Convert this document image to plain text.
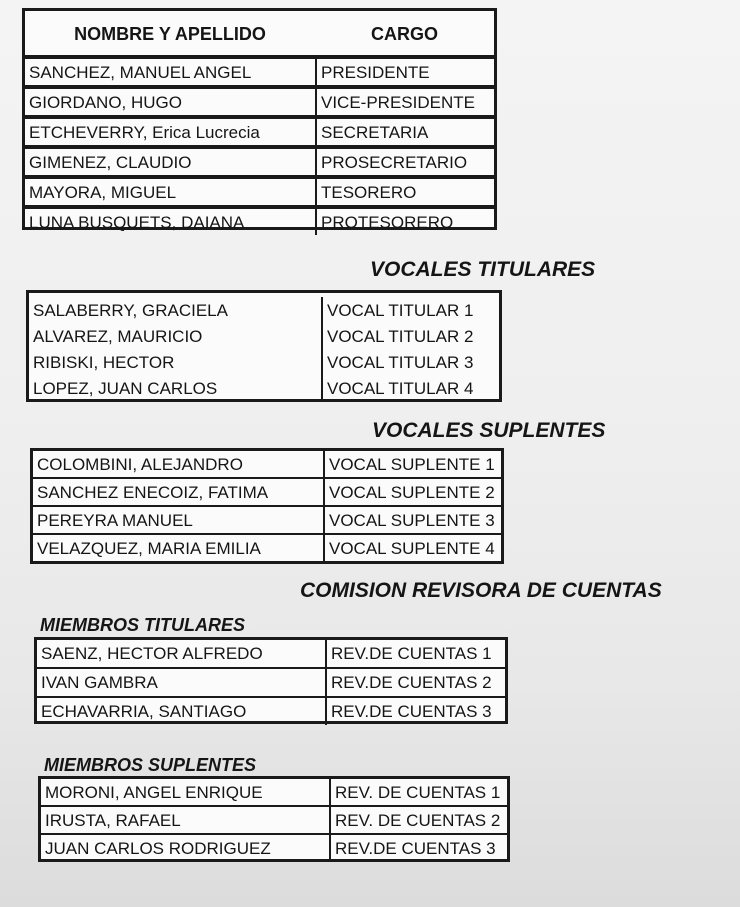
NOMBRE Y APELLIDO	CARGO
SANCHEZ, MANUEL ANGEL	PRESIDENTE
GIORDANO, HUGO	VICE-PRESIDENTE
ETCHEVERRY, Erica Lucrecia	SECRETARIA
GIMENEZ, CLAUDIO	PROSECRETARIO
MAYORA, MIGUEL	TESORERO
LUNA BUSQUETS, DAIANA	PROTESORERO
VOCALES TITULARES
SALABERRY, GRACIELA	VOCAL TITULAR 1
ALVAREZ, MAURICIO	VOCAL TITULAR 2
RIBISKI, HECTOR	VOCAL TITULAR 3
LOPEZ, JUAN CARLOS	VOCAL TITULAR 4
VOCALES SUPLENTES
COLOMBINI, ALEJANDRO	VOCAL SUPLENTE 1
SANCHEZ ENECOIZ, FATIMA	VOCAL SUPLENTE 2
PEREYRA MANUEL	VOCAL SUPLENTE 3
VELAZQUEZ, MARIA EMILIA	VOCAL SUPLENTE 4
COMISION REVISORA DE CUENTAS
MIEMBROS TITULARES
SAENZ, HECTOR ALFREDO	REV.DE CUENTAS 1
IVAN GAMBRA	REV.DE CUENTAS 2
ECHAVARRIA, SANTIAGO	REV.DE CUENTAS 3
MIEMBROS SUPLENTES
MORONI, ANGEL ENRIQUE	REV. DE CUENTAS 1
IRUSTA, RAFAEL	REV. DE CUENTAS 2
JUAN CARLOS RODRIGUEZ	REV.DE CUENTAS 3
